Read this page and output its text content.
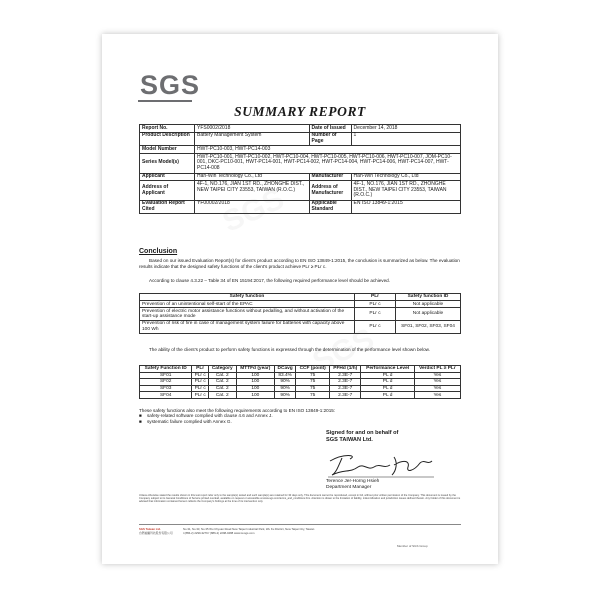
SGS
SUMMARY REPORT
Report No.	YFS0002/2018	Date of Issued	December 14, 2018
Product Description	Battery Management System	Number of Page	1
Model Number	HWT-PC10-003, HWT-PC14-003		
Series Model(s)	HWT-PC10-001, HWT-PC10-002, HWT-PC10-004, HWT-PC10-005, HWT-PC10-006, HWT-PC10-007, JOM-PC10-001, DKC-PC10-001, HWT-PC14-001, HWT-PC14-002, HWT-PC14-004, HWT-PC14-006, HWT-PC14-007, HWT-PC14-008		
Applicant	Han-Win Technology Co., Ltd	Manufacturer	Han-Win Technology Co., Ltd
Address of Applicant	4F-1, NO.176, JIAN 1ST RD., ZHONGHE DIST., NEW TAIPEI CITY 23553, TAIWAN (R.O.C.)	Address of Manufacturer	4F-1, NO.176, JIAN 1ST RD., ZHONGHE DIST., NEW TAIPEI CITY 23553, TAIWAN (R.O.C.)
Evaluation Report Cited	YF00002/2018	Applicable Standard	EN ISO 13849-1:2015
Conclusion
Based on our issued Evaluation Report(s) for client's product according to EN ISO 13849-1:2015, the conclusion is summarized as below. The evaluation results indicate that the designed safety functions of the client's product achieve PLr ≥ PLr c.
According to clause 4.3.22 – Table 34 of EN 15194:2017, the following required performance level should be achieved.
Safety function	PLr	Safety function ID
Prevention of an unintentional self-start of the EPAC	PLr c	Not applicable
Prevention of electric motor assistance functions without pedalling, and without activation of the start-up assistance mode	PLr c	Not applicable
Prevention of risk of fire in case of management system failure for batteries with capacity above 100 Wh	PLr c	SF01, SF02, SF03, SF04
The ability of the client's product to perform safety functions is expressed through the determination of the performance level shown below.
Safety Function ID	PLr	Category	MTTFd (year)	DCavg	CCF (point)	PFHd (1/h)	Performance Level	Verdict PL ≥ PLr
SF01	PLr c	Cat. 2	100	83.4%	75	2.3E-7	PL d	Yes
SF02	PLr c	Cat. 2	100	90%	75	2.3E-7	PL d	Yes
SF03	PLr c	Cat. 2	100	90%	75	2.3E-7	PL d	Yes
SF04	PLr c	Cat. 2	100	90%	75	2.3E-7	PL d	Yes
These safety functions also meet the following requirements according to EN ISO 13849-1:2015:
■ safety-related software complied with clause 4.6 and Annex J.
■ systematic failure complied with Annex G.
Signed for and on behalf of
SGS TAIWAN Ltd.
Terence Jer-Horng Hsieh
Department Manager
Unless otherwise stated the results shown in this test report refer only to the sample(s) tested and such sample(s) are retained for 30 days only. This document cannot be reproduced, except in full, without prior written permission of the Company. This document is issued by the Company subject to its General Conditions of Service printed overleaf, available on request or accessible at www.sgs.com/terms_and_conditions.htm. Attention is drawn to the limitation of liability, indemnification and jurisdiction issues defined therein. Any holder of this document is advised that information contained hereon reflects the Company's findings at the time of its intervention only.
SGS Taiwan Ltd.
台灣檢驗科技股份有限公司
No.31, No.33, No.35 Wu Chyuan Road New Taipei Industrial Park, Wu Ku District, New Taipei City, Taiwan
t (886-2) 2299-3279 f (886-2) 2298-0488 www.tw.sgs.com
Member of SGS Group
